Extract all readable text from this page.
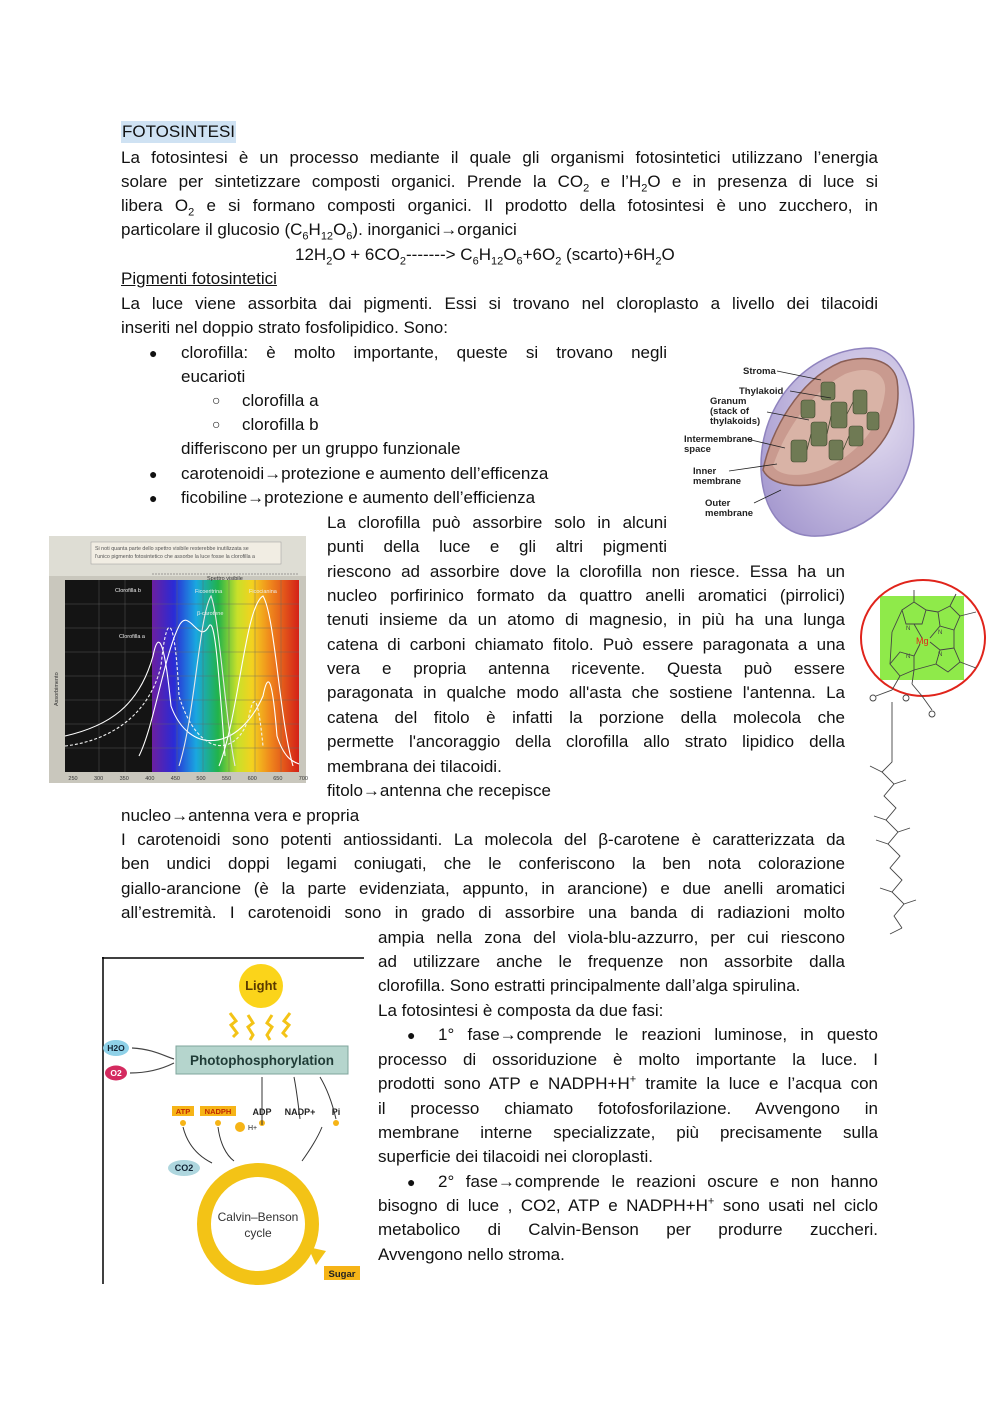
FOTOSINTESI
La fotosintesi è un processo mediante il quale gli organismi fotosintetici utilizzano l’energia
solare per sintetizzare composti organici. Prende la $CO_2$ e $l’H_2O$ e in presenza di luce si
libera $O_2$ e si formano composti organici. Il prodotto della fotosintesi è uno zucchero, in
particolare il glucosio $(C_6H_{12}O_6)$. inorganici→organici
$12H_2O + 6CO_2-------> C_6H_{12}O_6+6O_2$ $(scarto)+6H_2O$
Pigmenti fotosintetici
La luce viene assorbita dai pigmenti. Essi si trovano nel cloroplasto a livello dei tilacoidi
inseriti nel doppio strato fosfolipidico. Sono:
● clorofilla: è molto importante, queste si trovano negli
eucarioti
○ clorofilla a
○ clorofilla b
differiscono per un gruppo funzionale
● carotenoidi→protezione e aumento dell’efficenza
● ficobiline→protezione e aumento dell’efficienza
La clorofilla può assorbire solo in alcuni
punti della luce e gli altri pigmenti
riescono ad assorbire dove la clorofilla non riesce. Essa ha un
nucleo porfirinico formato da quattro anelli aromatici (pirrolici)
tenuti insieme da un atomo di magnesio, in più ha una lunga
catena di carboni chiamato fitolo. Può essere paragonata a una
vera e propria antenna ricevente. Questa può essere
paragonata in qualche modo all'asta che sostiene l'antenna. La
catena del fitolo è infatti la porzione della molecola che
permette l'ancoraggio della clorofilla allo strato lipidico della
membrana dei tilacoidi.
fitolo→antenna che recepisce
nucleo→antenna vera e propria
I carotenoidi sono potenti antiossidanti. La molecola del β-carotene è caratterizzata da
ben undici doppi legami coniugati, che le conferiscono la ben nota colorazione
giallo-arancione (è la parte evidenziata, appunto, in arancione) e due anelli aromatici
all’estremità. I carotenoidi sono in grado di assorbire una banda di radiazioni molto
ampia nella zona del viola-blu-azzurro, per cui riescono
ad utilizzare anche le frequenze non assorbite dalla
clorofilla. Sono estratti principalmente dall’alga spirulina.
La fotosintesi è composta da due fasi:
● 1° fase→comprende le reazioni luminose, in questo
processo di ossoriduzione è molto importante la luce. I
prodotti sono ATP e NADPH+H+ tramite la luce e l’acqua con
il processo chiamato fotofosforilazione. Avvengono in
membrane interne specializzate, più precisamente sulla
superficie dei tilacoidi nei cloroplasti.
● 2° fase→comprende le reazioni oscure e non hanno
bisogno di luce , CO2, ATP e NADPH+H+ sono usati nel ciclo
metabolico di Calvin-Benson per produrre zuccheri.
Avvengono nello stroma.
Stroma
Thylakoid
Granum
(stack of
thylakoids)
Intermembrane
space
Inner
membrane
Outer
membrane
Si noti quanta parte dello spettro visibile resterebbe inutilizzata se
l'unico pigmento fotosintetico che assorbe la luce fosse la clorofilla a
Spettro visibile
Clorofilla b	Ficoeritrina
β-carotene
Ficocianina
Clorofilla a
Assorbimento
250	300	350	400	450	500	550	600	650	700
Mg
N
N
N
N
Light
Photophosphorylation
H2O
O2
ATP NADPH ADP NADP+ Pi
H+
CO2
Calvin–Benson
cycle
Sugar
